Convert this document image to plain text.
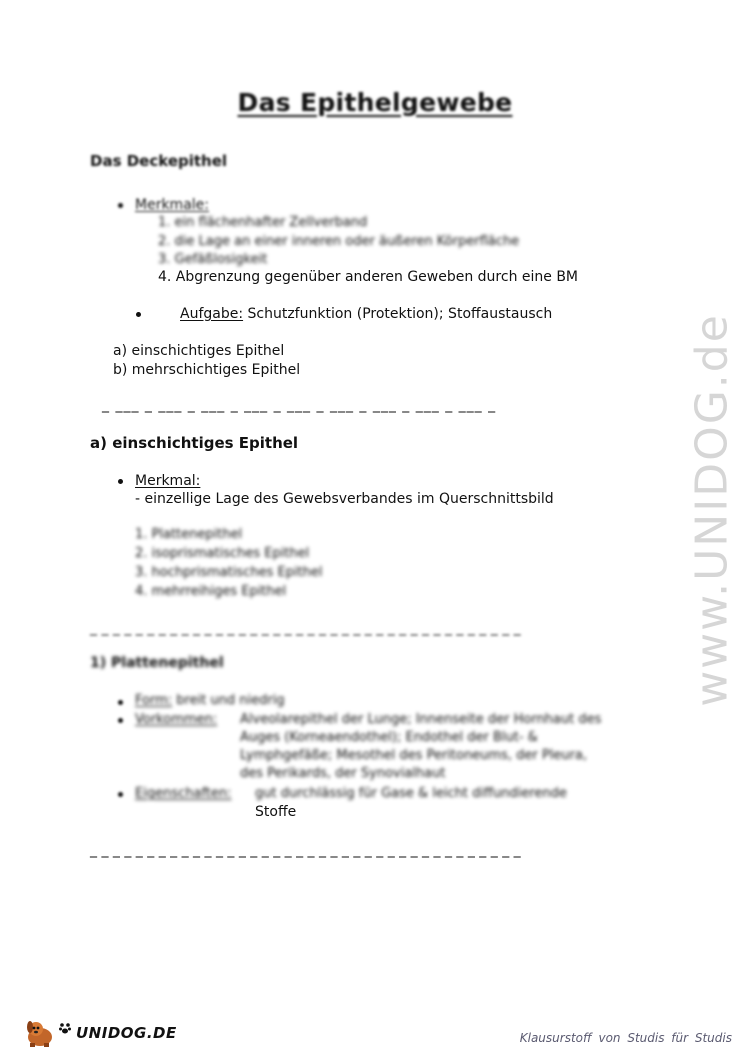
www.UNIDOG.de
Das Epithelgewebe
Das Deckepithel
Merkmale:
1. ein flächenhafter Zellverband
2. die Lage an einer inneren oder äußeren Körperfläche
3. Gefäßlosigkeit
4. Abgrenzung gegenüber anderen Geweben durch eine BM
Aufgabe: Schutzfunktion (Protektion); Stoffaustausch
a) einschichtiges Epithel
b) mehrschichtiges Epithel
_ ___ _ ___ _ ___ _ ___ _ ___ _ ___ _ ___ _ ___ _ ___ _
a) einschichtiges Epithel
Merkmal:
- einzellige Lage des Gewebsverbandes im Querschnittsbild
1. Plattenepithel
2. isoprismatisches Epithel
3. hochprismatisches Epithel
4. mehrreihiges Epithel
_ _ _ _ _ _ _ _ _ _ _ _ _ _ _ _ _ _ _ _ _ _ _ _ _ _ _ _ _ _ _ _ _ _ _ _ _ _
1) Plattenepithel
Form: breit und niedrig
Vorkommen: Alveolarepithel der Lunge; Innenseite der Hornhaut des
Auges (Korneaendothel); Endothel der Blut- &
Lymphgefäße; Mesothel des Peritoneums, der Pleura,
des Perikards, der Synovialhaut
Eigenschaften: gut durchlässig für Gase & leicht diffundierende
Stoffe
_ _ _ _ _ _ _ _ _ _ _ _ _ _ _ _ _ _ _ _ _ _ _ _ _ _ _ _ _ _ _ _ _ _ _ _ _ _
UNIDOG.DE	Klausurstoff von Studis für Studis
